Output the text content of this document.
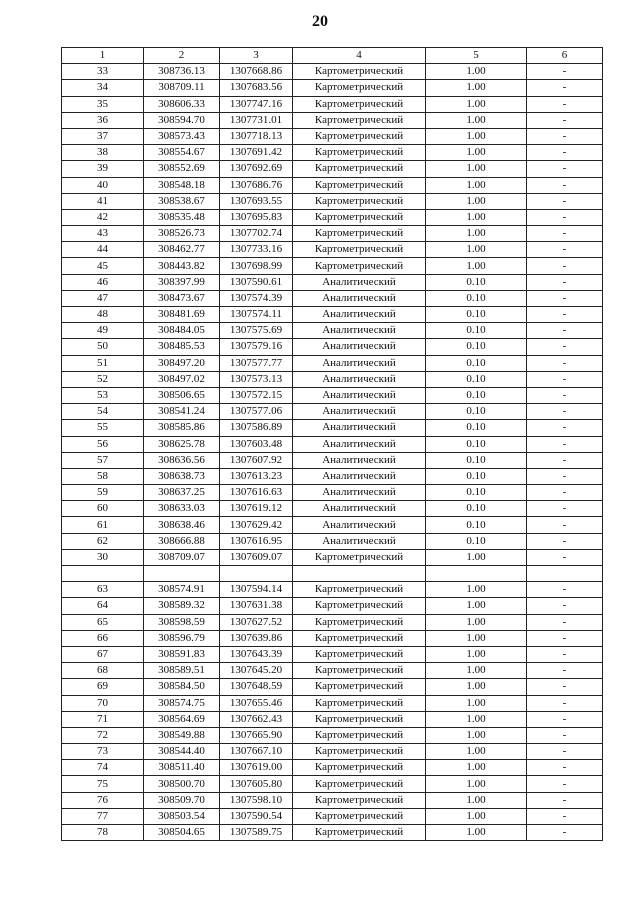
20
1	2	3	4	5	6
33	308736.13	1307668.86	Картометрический	1.00	-
34	308709.11	1307683.56	Картометрический	1.00	-
35	308606.33	1307747.16	Картометрический	1.00	-
36	308594.70	1307731.01	Картометрический	1.00	-
37	308573.43	1307718.13	Картометрический	1.00	-
38	308554.67	1307691.42	Картометрический	1.00	-
39	308552.69	1307692.69	Картометрический	1.00	-
40	308548.18	1307686.76	Картометрический	1.00	-
41	308538.67	1307693.55	Картометрический	1.00	-
42	308535.48	1307695.83	Картометрический	1.00	-
43	308526.73	1307702.74	Картометрический	1.00	-
44	308462.77	1307733.16	Картометрический	1.00	-
45	308443.82	1307698.99	Картометрический	1.00	-
46	308397.99	1307590.61	Аналитический	0.10	-
47	308473.67	1307574.39	Аналитический	0.10	-
48	308481.69	1307574.11	Аналитический	0.10	-
49	308484.05	1307575.69	Аналитический	0.10	-
50	308485.53	1307579.16	Аналитический	0.10	-
51	308497.20	1307577.77	Аналитический	0.10	-
52	308497.02	1307573.13	Аналитический	0.10	-
53	308506.65	1307572.15	Аналитический	0.10	-
54	308541.24	1307577.06	Аналитический	0.10	-
55	308585.86	1307586.89	Аналитический	0.10	-
56	308625.78	1307603.48	Аналитический	0.10	-
57	308636.56	1307607.92	Аналитический	0.10	-
58	308638.73	1307613.23	Аналитический	0.10	-
59	308637.25	1307616.63	Аналитический	0.10	-
60	308633.03	1307619.12	Аналитический	0.10	-
61	308638.46	1307629.42	Аналитический	0.10	-
62	308666.88	1307616.95	Аналитический	0.10	-
30	308709.07	1307609.07	Картометрический	1.00	-

63	308574.91	1307594.14	Картометрический	1.00	-
64	308589.32	1307631.38	Картометрический	1.00	-
65	308598.59	1307627.52	Картометрический	1.00	-
66	308596.79	1307639.86	Картометрический	1.00	-
67	308591.83	1307643.39	Картометрический	1.00	-
68	308589.51	1307645.20	Картометрический	1.00	-
69	308584.50	1307648.59	Картометрический	1.00	-
70	308574.75	1307655.46	Картометрический	1.00	-
71	308564.69	1307662.43	Картометрический	1.00	-
72	308549.88	1307665.90	Картометрический	1.00	-
73	308544.40	1307667.10	Картометрический	1.00	-
74	308511.40	1307619.00	Картометрический	1.00	-
75	308500.70	1307605.80	Картометрический	1.00	-
76	308509.70	1307598.10	Картометрический	1.00	-
77	308503.54	1307590.54	Картометрический	1.00	-
78	308504.65	1307589.75	Картометрический	1.00	-
